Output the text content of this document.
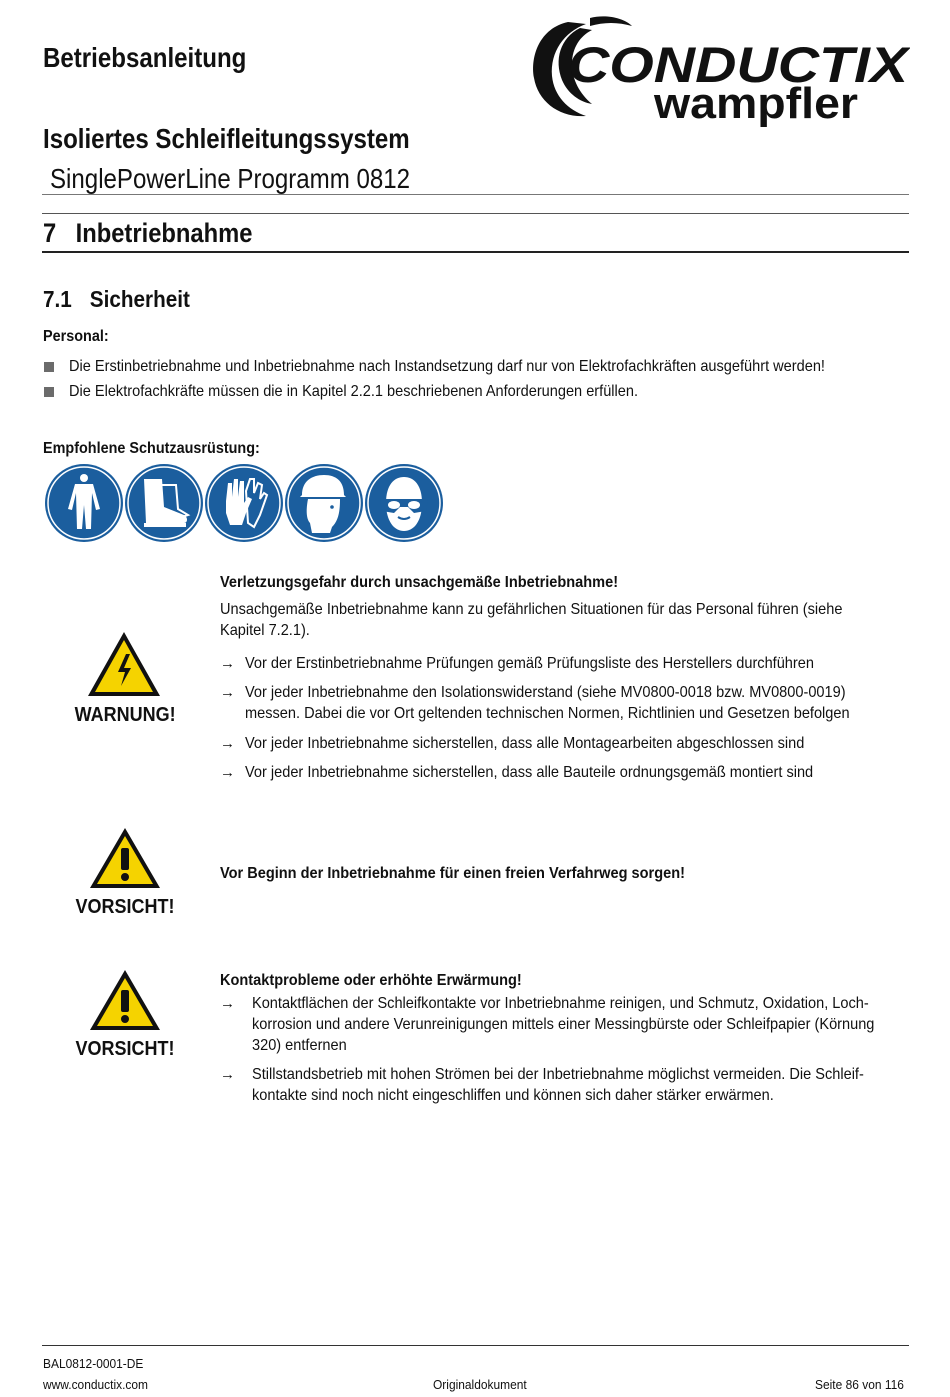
Betriebsanleitung	CONDUCTIX
wampfler
Isoliertes Schleifleitungssystem
SinglePowerLine Programm 0812
7 Inbetriebnahme
7.1 Sicherheit
Personal:
Die Erstinbetriebnahme und Inbetriebnahme nach Instandsetzung darf nur von Elektrofachkräften ausgeführt werden!
Die Elektrofachkräfte müssen die in Kapitel 2.2.1 beschriebenen Anforderungen erfüllen.
Empfohlene Schutzausrüstung:
WARNUNG!
Verletzungsgefahr durch unsachgemäße Inbetriebnahme!
Unsachgemäße Inbetriebnahme kann zu gefährlichen Situationen für das Personal führen (siehe
Kapitel 7.2.1).
→ Vor der Erstinbetriebnahme Prüfungen gemäß Prüfungsliste des Herstellers durchführen
→ Vor jeder Inbetriebnahme den Isolationswiderstand (siehe MV0800-0018 bzw. MV0800-0019)
messen. Dabei die vor Ort geltenden technischen Normen, Richtlinien und Gesetzen befolgen
→ Vor jeder Inbetriebnahme sicherstellen, dass alle Montagearbeiten abgeschlossen sind
→ Vor jeder Inbetriebnahme sicherstellen, dass alle Bauteile ordnungsgemäß montiert sind
VORSICHT!
Vor Beginn der Inbetriebnahme für einen freien Verfahrweg sorgen!
VORSICHT!
Kontaktprobleme oder erhöhte Erwärmung!
→ Kontaktflächen der Schleifkontakte vor Inbetriebnahme reinigen, und Schmutz, Oxidation, Loch-
korrosion und andere Verunreinigungen mittels einer Messingbürste oder Schleifpapier (Körnung
320) entfernen
→ Stillstandsbetrieb mit hohen Strömen bei der Inbetriebnahme möglichst vermeiden. Die Schleif-
kontakte sind noch nicht eingeschliffen und können sich daher stärker erwärmen.
BAL0812-0001-DE
www.conductix.com	Originaldokument	Seite 86 von 116
